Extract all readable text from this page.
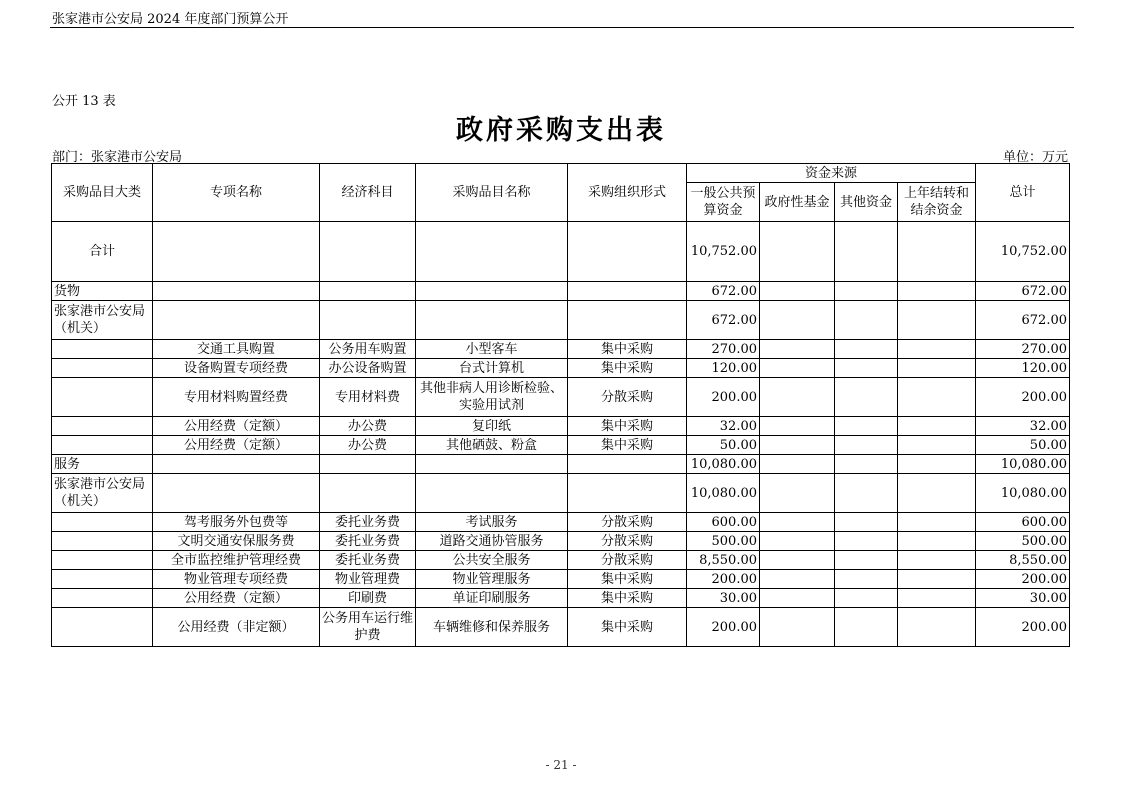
张家港市公安局 2024 年度部门预算公开
公开 13 表
政府采购支出表
部门：张家港市公安局	单位：万元
采购品目大类	专项名称	经济科目	采购品目名称	采购组织形式	资金来源				总计
					一般公共预算资金	政府性基金	其他资金	上年结转和结余资金	
合计					10,752.00				10,752.00
货物					672.00				672.00
张家港市公安局（机关）					672.00				672.00
	交通工具购置	公务用车购置	小型客车	集中采购	270.00				270.00
	设备购置专项经费	办公设备购置	台式计算机	集中采购	120.00				120.00
	专用材料购置经费	专用材料费	其他非病人用诊断检验、实验用试剂	分散采购	200.00				200.00
	公用经费（定额）	办公费	复印纸	集中采购	32.00				32.00
	公用经费（定额）	办公费	其他硒鼓、粉盒	集中采购	50.00				50.00
服务					10,080.00				10,080.00
张家港市公安局（机关）					10,080.00				10,080.00
	驾考服务外包费等	委托业务费	考试服务	分散采购	600.00				600.00
	文明交通安保服务费	委托业务费	道路交通协管服务	分散采购	500.00				500.00
	全市监控维护管理经费	委托业务费	公共安全服务	分散采购	8,550.00				8,550.00
	物业管理专项经费	物业管理费	物业管理服务	集中采购	200.00				200.00
	公用经费（定额）	印刷费	单证印刷服务	集中采购	30.00				30.00
	公用经费（非定额）	公务用车运行维护费	车辆维修和保养服务	集中采购	200.00				200.00
- 21 -
